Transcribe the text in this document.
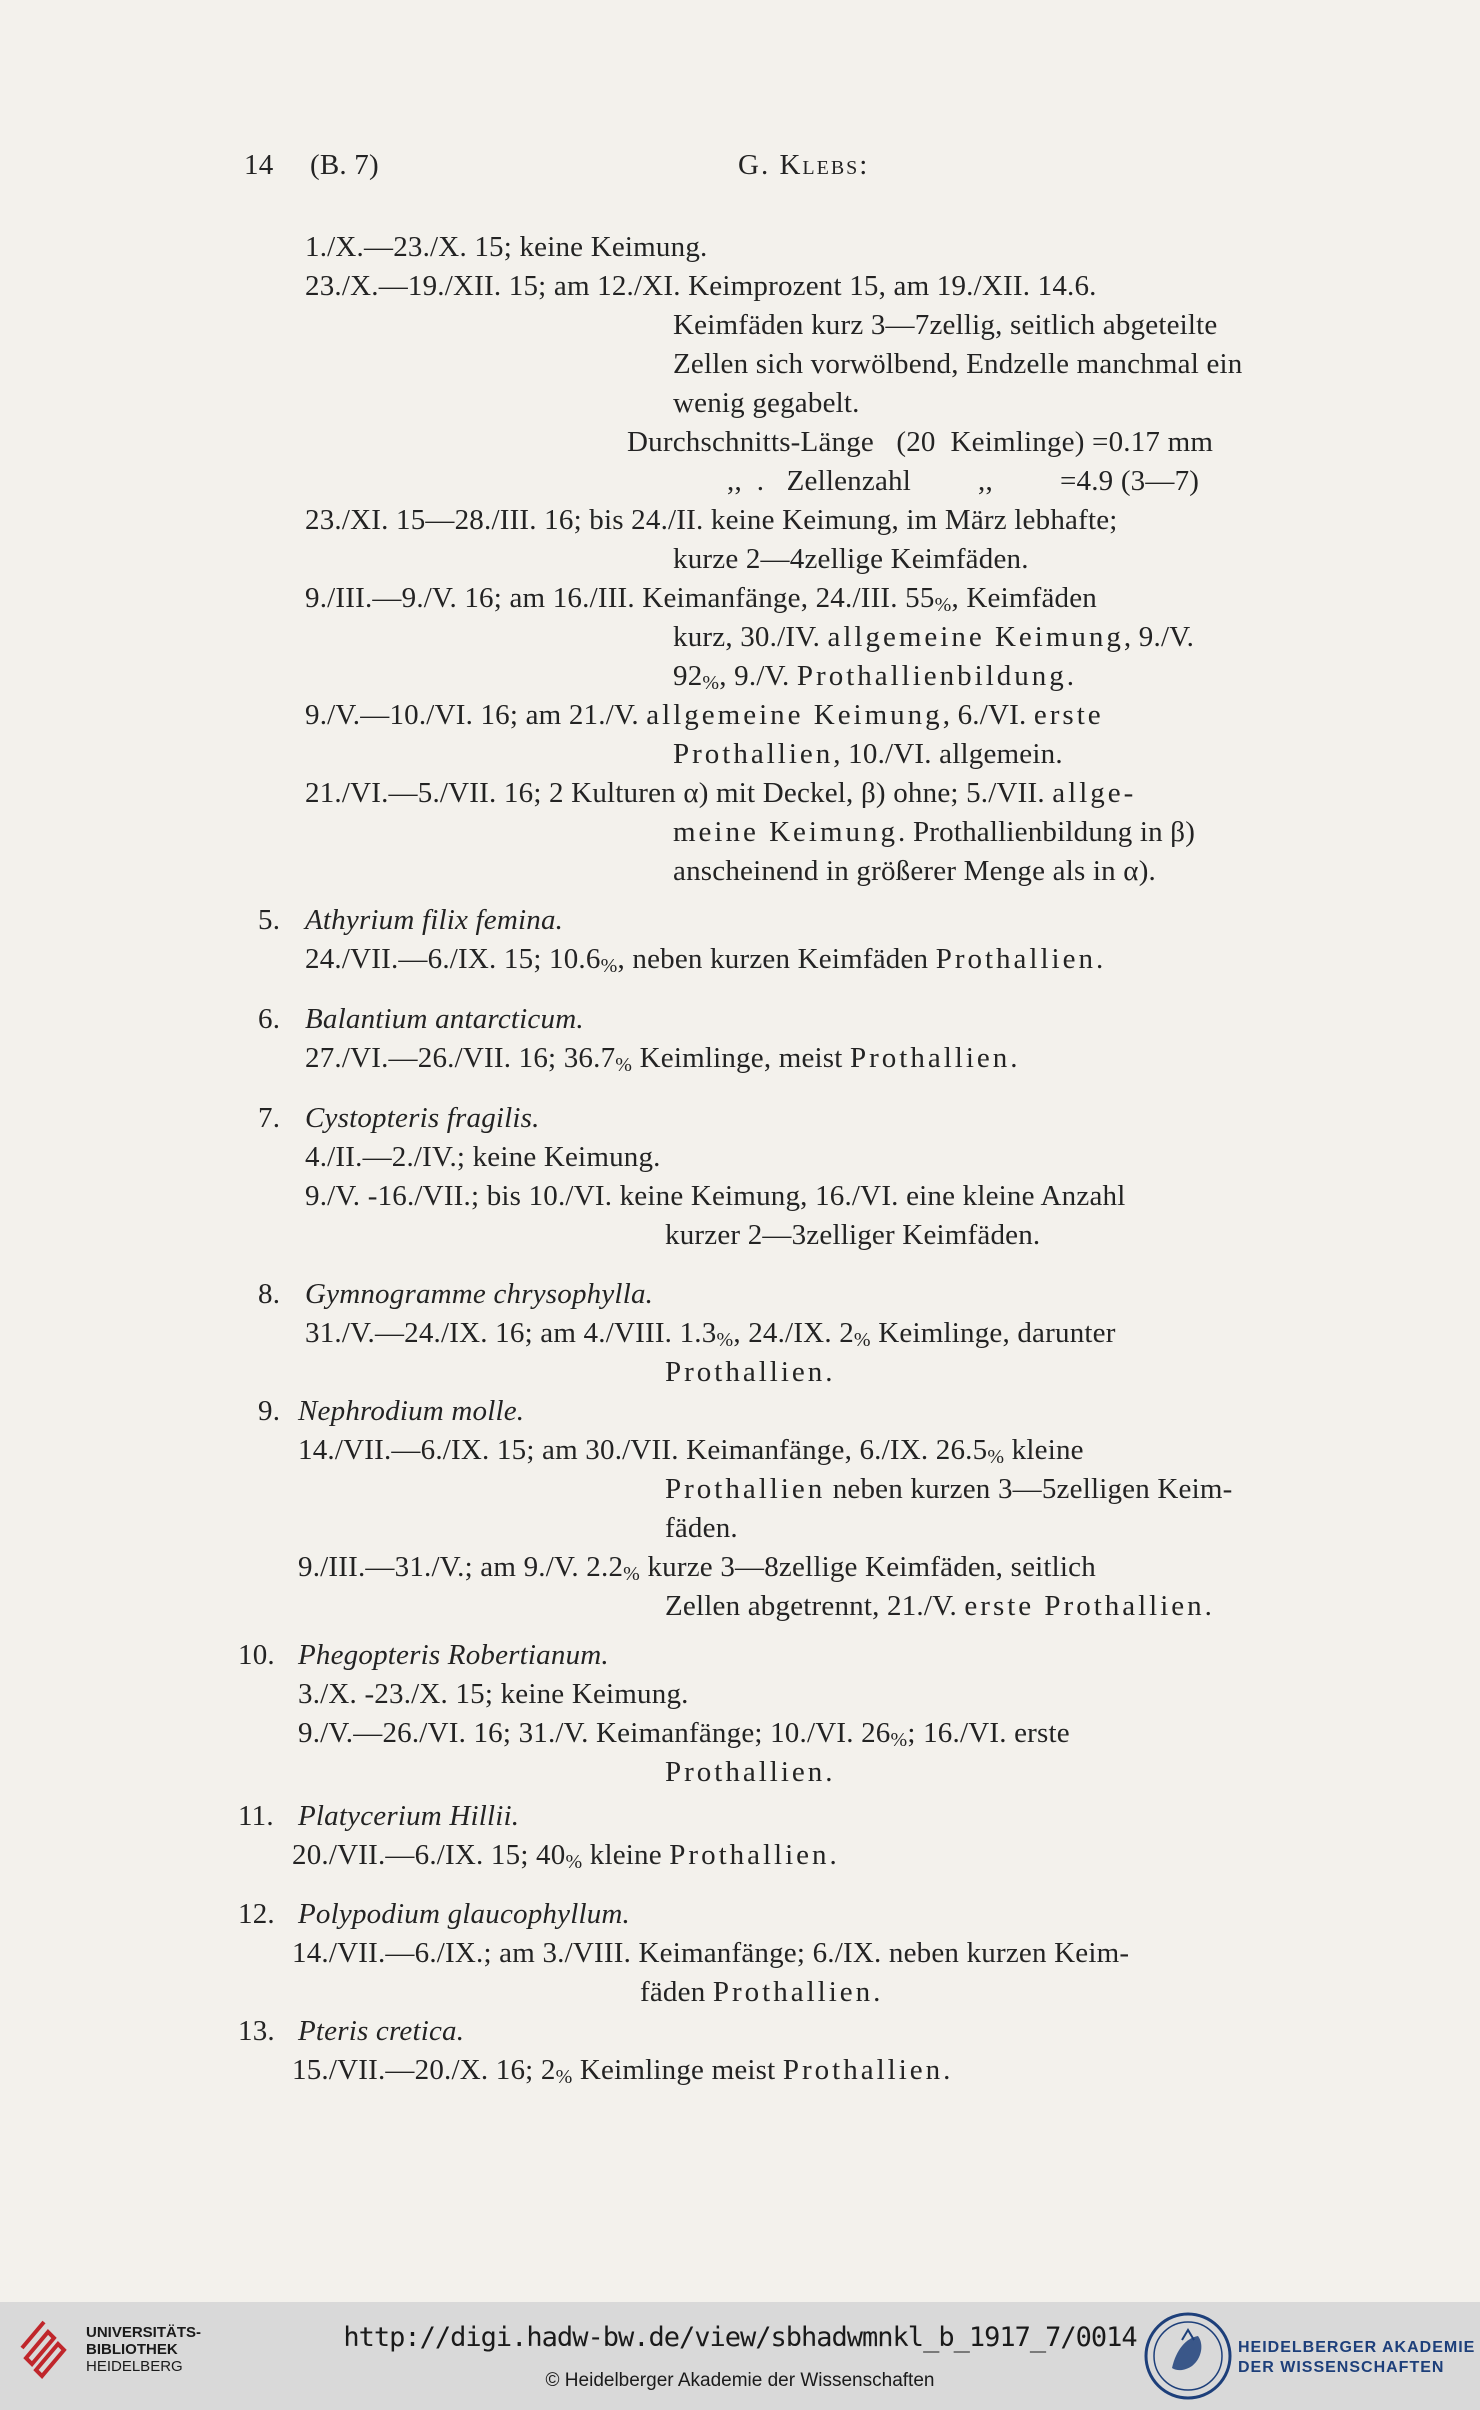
14 (B. 7)	G. Klebs:
1./X.—23./X. 15; keine Keimung.
23./X.—19./XII. 15; am 12./XI. Keimprozent 15, am 19./XII. 14.6.
Keimfäden kurz 3—7zellig, seitlich abgeteilte
Zellen sich vorwölbend, Endzelle manchmal ein
wenig gegabelt.
Durchschnitts-Länge   (20  Keimlinge) =0.17 mm
,,  .   Zellenzahl         ,,         =4.9 (3—7)
23./XI. 15—28./III. 16; bis 24./II. keine Keimung, im März lebhafte;
kurze 2—4zellige Keimfäden.
9./III.—9./V. 16; am 16./III. Keimanfänge, 24./III. $55_{\%}$, Keimfäden
kurz, 30./IV. allgemeine Keimung, 9./V.
$92_{\%}$, 9./V. Prothallienbildung.
9./V.—10./VI. 16; am 21./V. allgemeine Keimung, 6./VI. erste
Prothallien, 10./VI. allgemein.
21./VI.—5./VII. 16; 2 Kulturen α) mit Deckel, β) ohne; 5./VII. allge-
meine Keimung. Prothallienbildung in β)
anscheinend in größerer Menge als in α).
5. Athyrium filix femina.
24./VII.—6./IX. 15; $10.6_{\%}$, neben kurzen Keimfäden Prothallien.
6. Balantium antarcticum.
27./VI.—26./VII. 16; $36.7_{\%}$ Keimlinge, meist Prothallien.
7. Cystopteris fragilis.
4./II.—2./IV.; keine Keimung.
9./V. -16./VII.; bis 10./VI. keine Keimung, 16./VI. eine kleine Anzahl
kurzer 2—3zelliger Keimfäden.
8. Gymnogramme chrysophylla.
31./V.—24./IX. 16; am 4./VIII. $1.3_{\%}$, 24./IX. $2_{\%}$ Keimlinge, darunter
Prothallien.
9. Nephrodium molle.
14./VII.—6./IX. 15; am 30./VII. Keimanfänge, 6./IX. $26.5_{\%}$ kleine
Prothallien neben kurzen 3—5zelligen Keim-
fäden.
9./III.—31./V.; am 9./V. $2.2_{\%}$ kurze 3—8zellige Keimfäden, seitlich
Zellen abgetrennt, 21./V. erste Prothallien.
10. Phegopteris Robertianum.
3./X. -23./X. 15; keine Keimung.
9./V.—26./VI. 16; 31./V. Keimanfänge; 10./VI. $26_{\%}$; 16./VI. erste
Prothallien.
11. Platycerium Hillii.
20./VII.—6./IX. 15; $40_{\%}$ kleine Prothallien.
12. Polypodium glaucophyllum.
14./VII.—6./IX.; am 3./VIII. Keimanfänge; 6./IX. neben kurzen Keim-
fäden Prothallien.
13. Pteris cretica.
15./VII.—20./X. 16; $2_{\%}$ Keimlinge meist Prothallien.
UNIVERSITÄTS-
BIBLIOTHEK
HEIDELBERG
http://digi.hadw-bw.de/view/sbhadwmnkl_b_1917_7/0014
© Heidelberger Akademie der Wissenschaften
HEIDELBERGER AKADEMIE
DER WISSENSCHAFTEN
